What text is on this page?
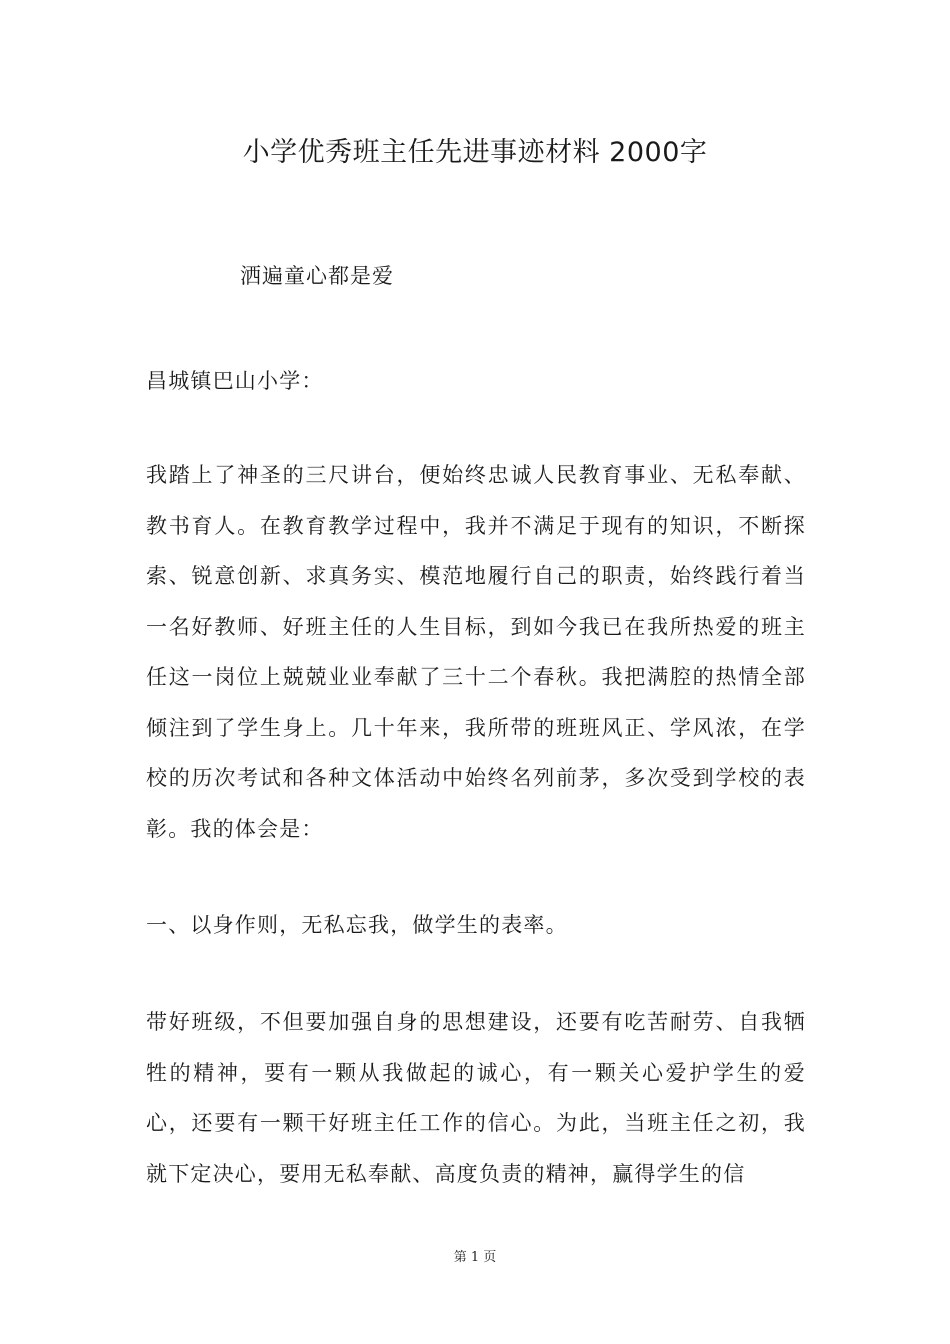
小学优秀班主任先进事迹材料 2000字

洒遍童心都是爱

昌城镇巴山小学：

我踏上了神圣的三尺讲台，便始终忠诚人民教育事业、无私奉献、教书育人。在教育教学过程中，我并不满足于现有的知识，不断探索、锐意创新、求真务实、模范地履行自己的职责，始终践行着当一名好教师、好班主任的人生目标，到如今我已在我所热爱的班主任这一岗位上兢兢业业奉献了三十二个春秋。我把满腔的热情全部倾注到了学生身上。几十年来，我所带的班班风正、学风浓，在学校的历次考试和各种文体活动中始终名列前茅，多次受到学校的表彰。我的体会是：

一、以身作则，无私忘我，做学生的表率。

带好班级，不但要加强自身的思想建设，还要有吃苦耐劳、自我牺牲的精神，要有一颗从我做起的诚心，有一颗关心爱护学生的爱心，还要有一颗干好班主任工作的信心。为此，当班主任之初，我就下定决心，要用无私奉献、高度负责的精神，赢得学生的信

第 1 页
